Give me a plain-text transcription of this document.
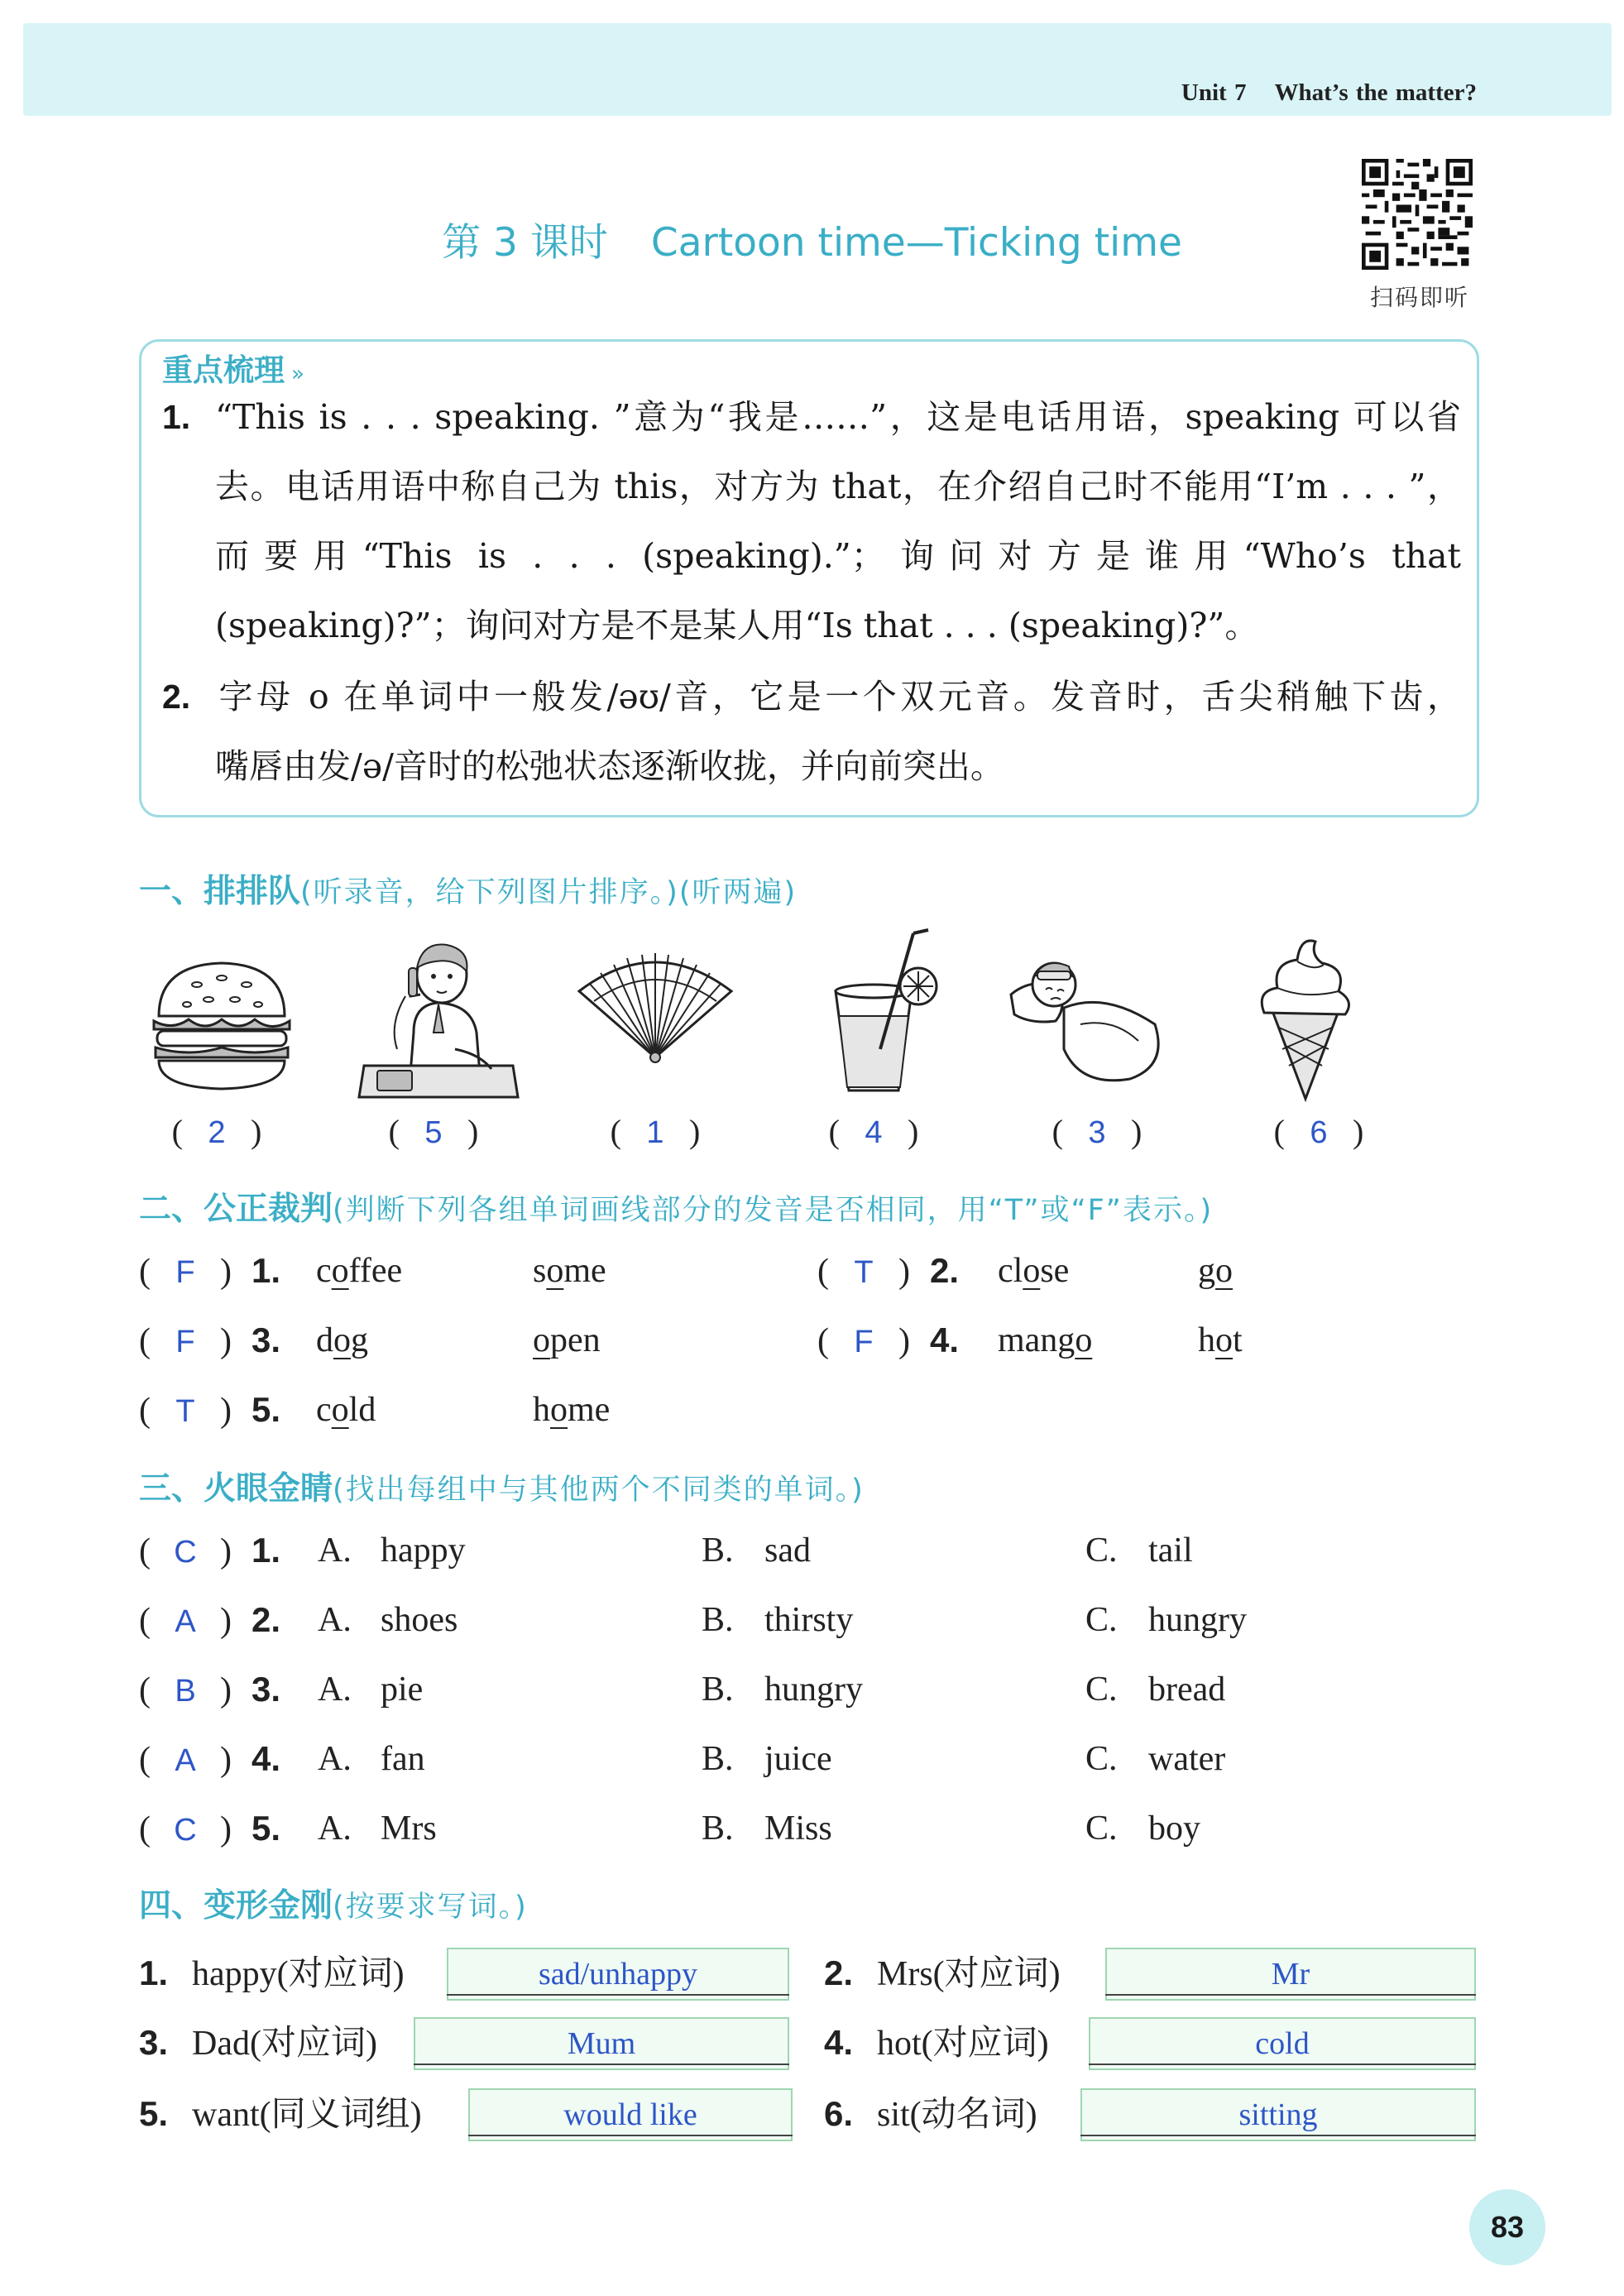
Unit 7 What’s the matter?
扫码即听
第 3 课时 Cartoon time—Ticking time
重点梳理 »
1. “This is . . . speaking. ”意为“我是……”，这是电话用语，speaking 可以省
去。电话用语中称自己为 this，对方为 that，在介绍自己时不能用“I’m . . . ”，
而要用“This is . . . (speaking).”；询问对方是谁用“Who’s that
(speaking)?”；询问对方是不是某人用“Is that . . . (speaking)?”。
2. 字母 o 在单词中一般发/əʊ/音，它是一个双元音。发音时，舌尖稍触下齿，
嘴唇由发/ə/音时的松弛状态逐渐收拢，并向前突出。
一、排排队(听录音，给下列图片排序。)(听两遍)
( 2 )	( 5 )	( 1 )	( 4 )	( 3 )	( 6 )
二、公正裁判(判断下列各组单词画线部分的发音是否相同，用“T”或“F”表示。)
( F ) 1. coffee	some	( T ) 2. close	go
( F ) 3. dog	open	( F ) 4. mango	hot
( T ) 5. cold	home
三、火眼金睛(找出每组中与其他两个不同类的单词。)
( C ) 1. A. happy	B. sad	C. tail
( A ) 2. A. shoes	B. thirsty	C. hungry
( B ) 3. A. pie	B. hungry	C. bread
( A ) 4. A. fan	B. juice	C. water
( C ) 5. A. Mrs	B. Miss	C. boy
四、变形金刚(按要求写词。)
1. happy(对应词)	sad/unhappy	2. Mrs(对应词)	Mr
3. Dad(对应词)	Mum	4. hot(对应词)	cold
5. want(同义词组)	would like	6. sit(动名词)	sitting
83
